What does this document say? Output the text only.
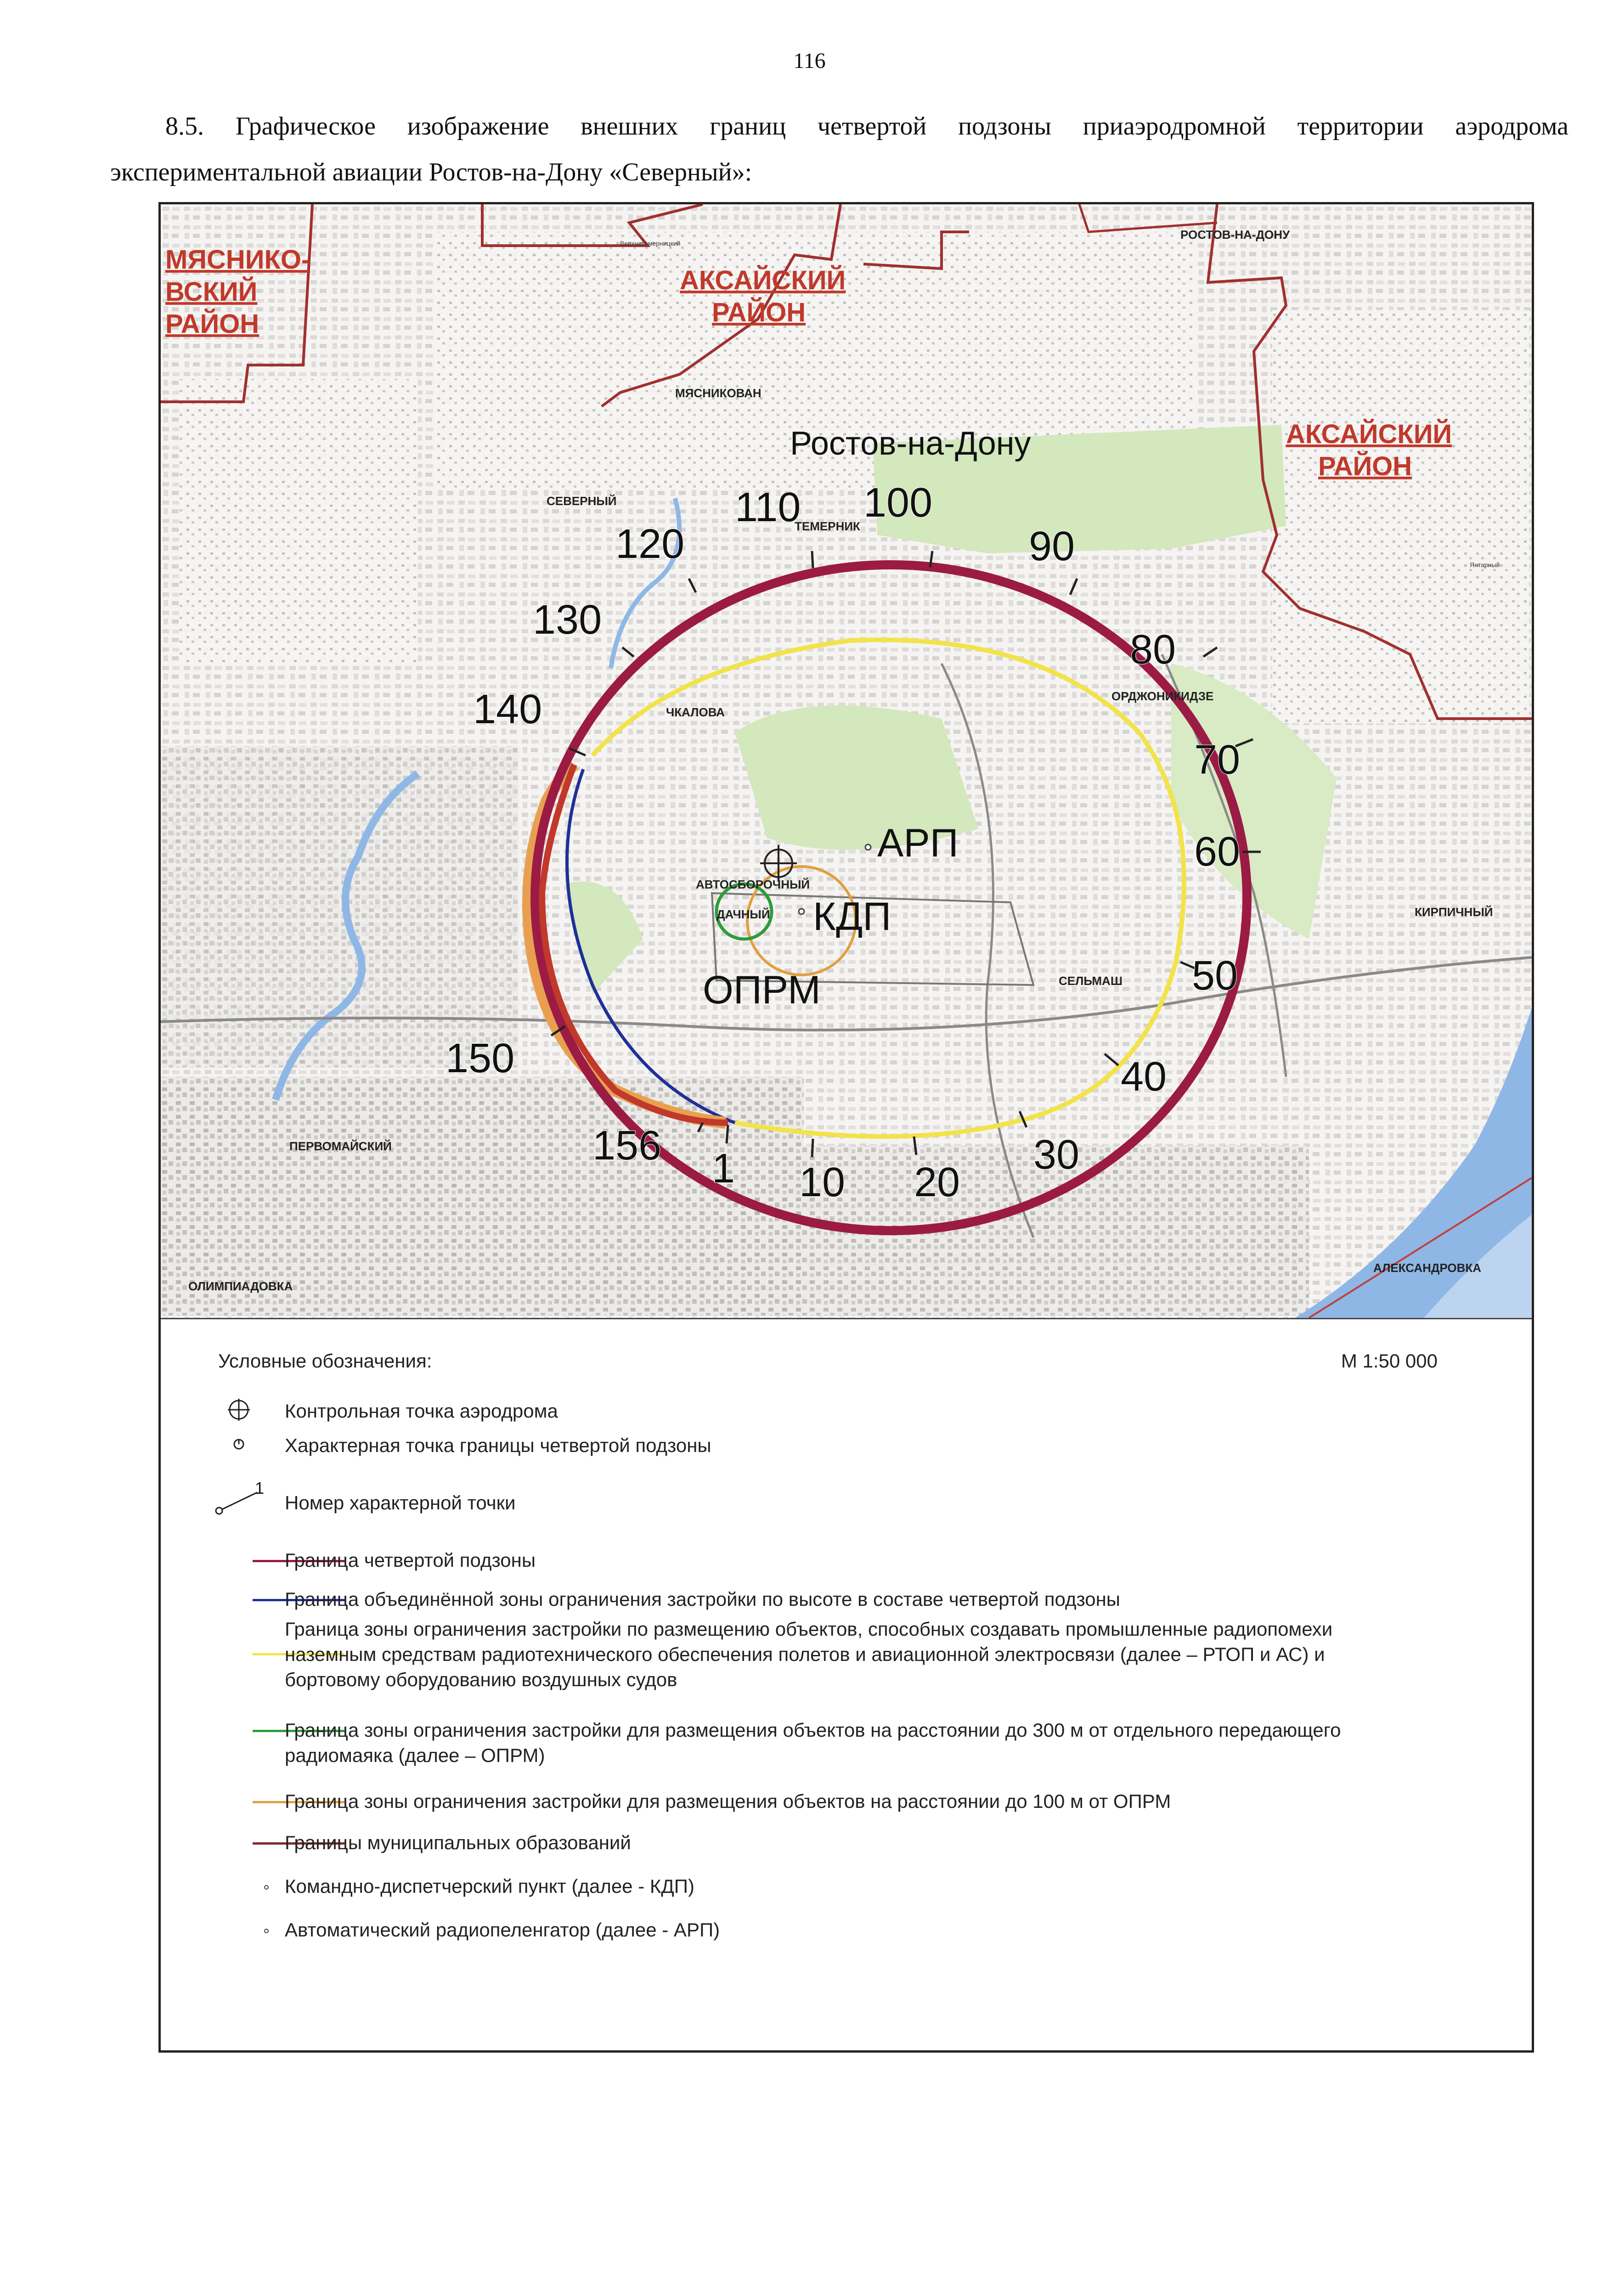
116
8.5. Графическое изображение внешних границ четвертой подзоны приаэродромной территории аэродрома
экспериментальной авиации Ростов-на-Дону «Северный»:
АРП
КДП
ОПРМ
Ростов-на-Дону
МЯСНИКО-
ВСКИЙ
РАЙОН
АКСАЙСКИЙ
РАЙОН
АКСАЙСКИЙ
РАЙОН
РОСТОВ-НА-ДОНУ
МЯСНИКОВАН
СЕВЕРНЫЙ
ТЕМЕРНИК
ЧКАЛОВА
ОРДЖОНИКИДЗЕ
АВТОСБОРОЧНЫЙ
ДАЧНЫЙ
СЕЛЬМАШ
КИРПИЧНЫЙ
ПЕРВОМАЙСКИЙ
ОЛИМПИАДОВКА
АЛЕКСАНДРОВКА
Верхнетемерницкий
Янтарный
1 10 20
30
40
50
60
70
80
90
100
110
120
130
140
150
156
Условные обозначения:	М 1:50 000
Контрольная точка аэродрома
Характерная точка границы четвертой подзоны
1
Номер характерной точки
Граница четвертой подзоны
Граница объединённой зоны ограничения застройки по высоте в составе четвертой подзоны
Граница зоны ограничения застройки по размещению объектов, способных создавать промышленные радиопомехи наземным средствам радиотехнического обеспечения полетов и авиационной электросвязи (далее – РТОП и АС) и бортовому оборудованию воздушных судов
Граница зоны ограничения застройки для размещения объектов на расстоянии до 300 м от отдельного передающего радиомаяка (далее – ОПРМ)
Граница зоны ограничения застройки для размещения объектов на расстоянии до 100 м от ОПРМ
Границы муниципальных образований
Командно-диспетчерский пункт (далее - КДП)
Автоматический радиопеленгатор (далее - АРП)
